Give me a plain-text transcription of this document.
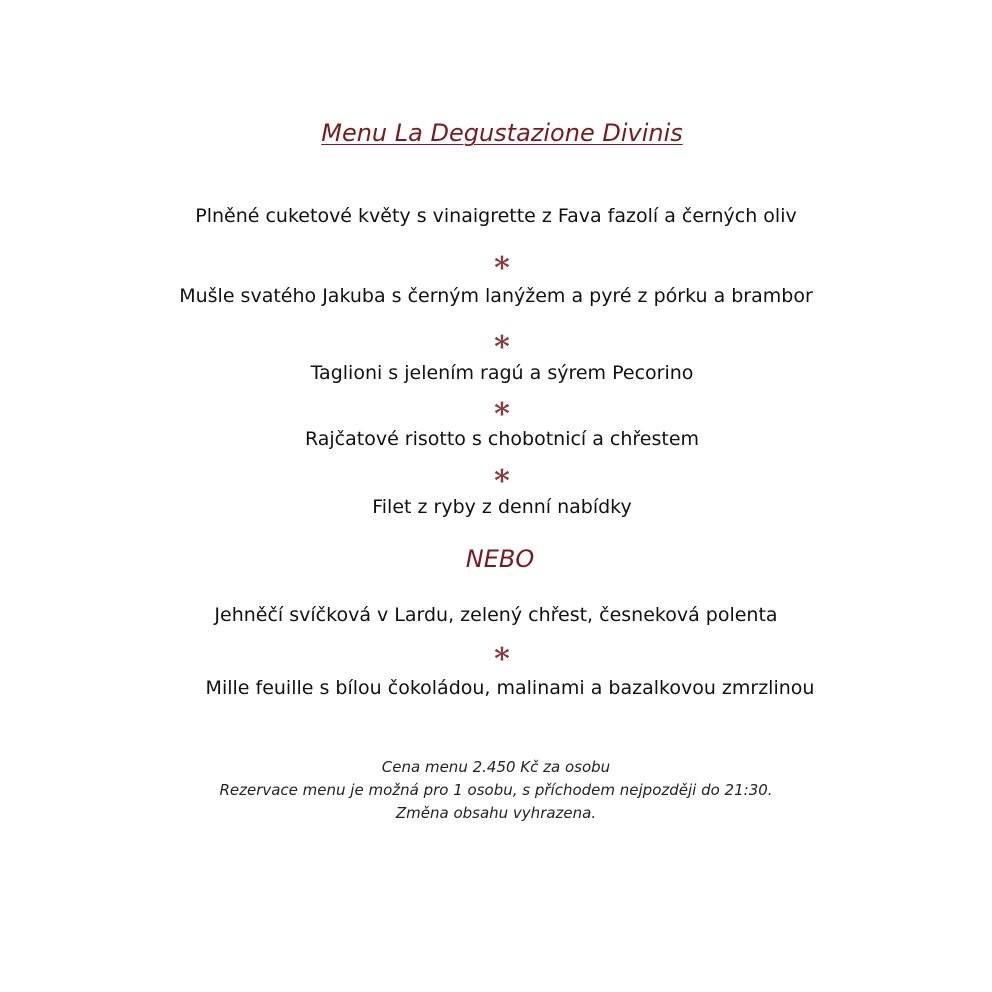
Menu La Degustazione Divinis
Plněné cuketové květy s vinaigrette z Fava fazolí a černých oliv
*
Mušle svatého Jakuba s černým lanýžem a pyré z pórku a brambor
*
Taglioni s jelením ragú a sýrem Pecorino
*
Rajčatové risotto s chobotnicí a chřestem
*
Filet z ryby z denní nabídky
NEBO
Jehněčí svíčková v Lardu, zelený chřest, česneková polenta
*
Mille feuille s bílou čokoládou, malinami a bazalkovou zmrzlinou
Cena menu 2.450 Kč za osobu
Rezervace menu je možná pro 1 osobu, s příchodem nejpozději do 21:30.
Změna obsahu vyhrazena.
